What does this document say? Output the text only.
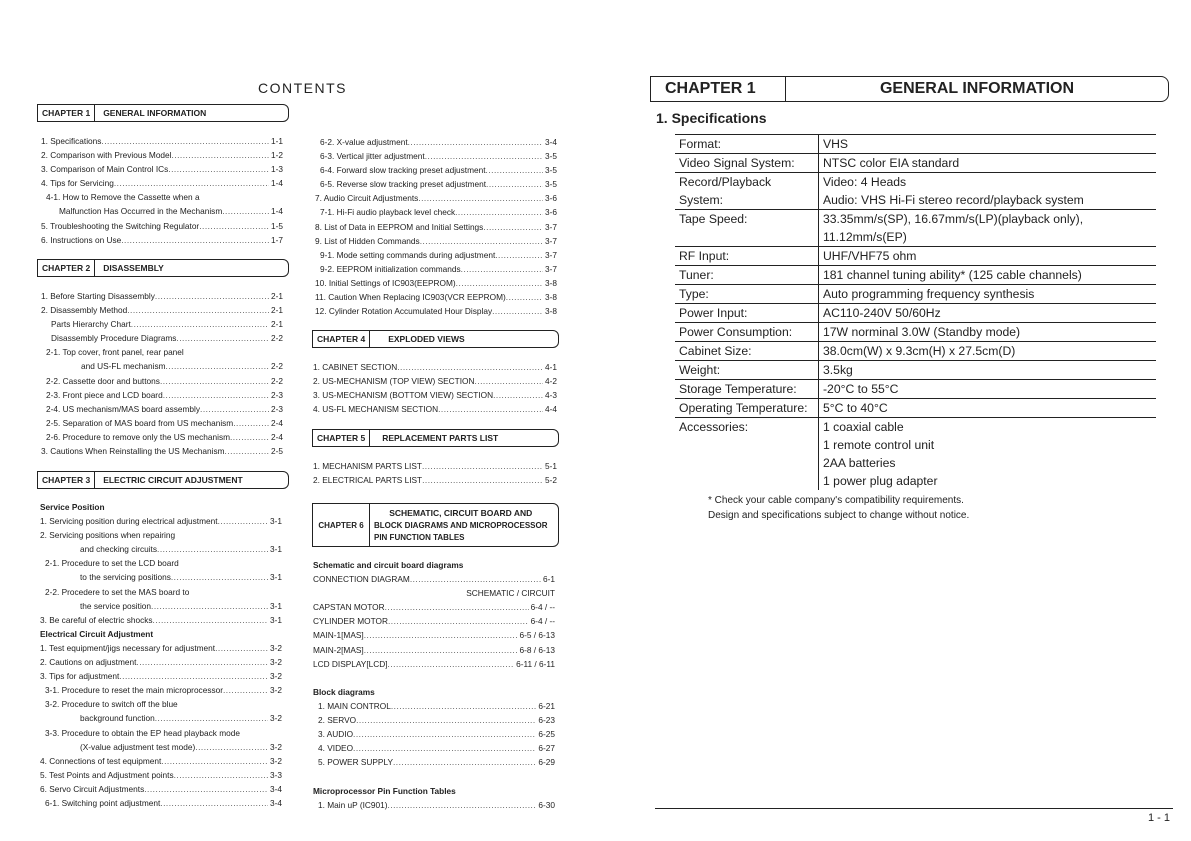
CONTENTS
CHAPTER 1	GENERAL INFORMATION
1. Specifications .....	1-1
2. Comparison with Previous Model .....	1-2
3. Comparison of Main Control ICs .....	1-3
4. Tips for Servicing .....	1-4
4-1. How to Remove the Cassette when a
Malfunction Has Occurred in the Mechanism .....	1-4
5. Troubleshooting the Switching Regulator .....	1-5
6. Instructions on Use .....	1-7
CHAPTER 2	DISASSEMBLY
1. Before Starting Disassembly .....	2-1
2. Disassembly Method .....	2-1
Parts Hierarchy Chart .....	2-1
Disassembly Procedure Diagrams .....	2-2
2-1. Top cover, front panel, rear panel
and US-FL mechanism .....	2-2
2-2. Cassette door and buttons .....	2-2
2-3. Front piece and LCD board .....	2-3
2-4. US mechanism/MAS board assembly .....	2-3
2-5. Separation of MAS board from US mechanism .....	2-4
2-6. Procedure to remove only the US mechanism .....	2-4
3. Cautions When Reinstalling the US Mechanism .....	2-5
CHAPTER 3	ELECTRIC CIRCUIT ADJUSTMENT
Service Position
1. Servicing position during electrical adjustment .....	3-1
2. Servicing positions when repairing
and checking circuits .....	3-1
2-1. Procedure to set the LCD board
to the servicing positions .....	3-1
2-2. Procedere to set the MAS board to
the service position .....	3-1
3. Be careful of electric shocks .....	3-1
Electrical Circuit Adjustment
1. Test equipment/jigs necessary for adjustment .....	3-2
2. Cautions on adjustment .....	3-2
3. Tips for adjustment .....	3-2
3-1. Procedure to reset the main microprocessor .....	3-2
3-2. Procedure to switch off the blue
background function .....	3-2
3-3. Procedure to obtain the EP head playback mode
(X-value adjustment test mode) .....	3-2
4. Connections of test equipment .....	3-2
5. Test Points and Adjustment points .....	3-3
6. Servo Circuit Adjustments .....	3-4
6-1. Switching point adjustment .....	3-4
6-2. X-value adjustment .....	3-4
6-3. Vertical jitter adjustment .....	3-5
6-4. Forward slow tracking preset adjustment .....	3-5
6-5. Reverse slow tracking preset adjustment .....	3-5
7. Audio Circuit Adjustments .....	3-6
7-1. Hi-Fi audio playback level check .....	3-6
8. List of Data in EEPROM and Initial Settings .....	3-7
9. List of Hidden Commands .....	3-7
9-1. Mode setting commands during adjustment .....	3-7
9-2. EEPROM initialization commands .....	3-7
10. Initial Settings of IC903(EEPROM) .....	3-8
11. Caution When Replacing IC903(VCR EEPROM) .....	3-8
12. Cylinder Rotation Accumulated Hour Display .....	3-8
CHAPTER 4	EXPLODED VIEWS
1. CABINET SECTION .....	4-1
2. US-MECHANISM (TOP VIEW) SECTION .....	4-2
3. US-MECHANISM (BOTTOM VIEW) SECTION .....	4-3
4. US-FL MECHANISM SECTION .....	4-4
CHAPTER 5	REPLACEMENT PARTS LIST
1. MECHANISM PARTS LIST .....	5-1
2. ELECTRICAL PARTS LIST .....	5-2
CHAPTER 6
SCHEMATIC, CIRCUIT BOARD AND
BLOCK DIAGRAMS AND MICROPROCESSOR
PIN FUNCTION TABLES
Schematic and circuit board diagrams
CONNECTION DIAGRAM .....	6-1
SCHEMATIC / CIRCUIT
CAPSTAN MOTOR .....	6-4 / --
CYLINDER MOTOR .....	6-4 / --
MAIN-1[MAS] .....	6-5 / 6-13
MAIN-2[MAS] .....	6-8 / 6-13
LCD DISPLAY[LCD] .....	6-11 / 6-11
Block diagrams
1. MAIN CONTROL .....	6-21
2. SERVO .....	6-23
3. AUDIO .....	6-25
4. VIDEO .....	6-27
5. POWER SUPPLY .....	6-29
Microprocessor Pin Function Tables
1. Main uP (IC901) .....	6-30
CHAPTER 1	GENERAL INFORMATION
1. Specifications
Format:	VHS
Video Signal System:	NTSC color EIA standard
Record/Playback	Video: 4 Heads
System:	Audio: VHS Hi-Fi stereo record/playback system
Tape Speed:	33.35mm/s(SP), 16.67mm/s(LP)(playback only),
	11.12mm/s(EP)
RF Input:	UHF/VHF75 ohm
Tuner:	181 channel tuning ability* (125 cable channels)
Type:	Auto programming frequency synthesis
Power Input:	AC110-240V 50/60Hz
Power Consumption:	17W norminal 3.0W (Standby mode)
Cabinet Size:	38.0cm(W) x 9.3cm(H) x 27.5cm(D)
Weight:	3.5kg
Storage Temperature:	-20°C to 55°C
Operating Temperature:	5°C to 40°C
Accessories:	1 coaxial cable
	1 remote control unit
	2AA batteries
	1 power plug adapter
* Check your cable company's compatibility requirements.
Design and specifications subject to change without notice.
1 - 1
